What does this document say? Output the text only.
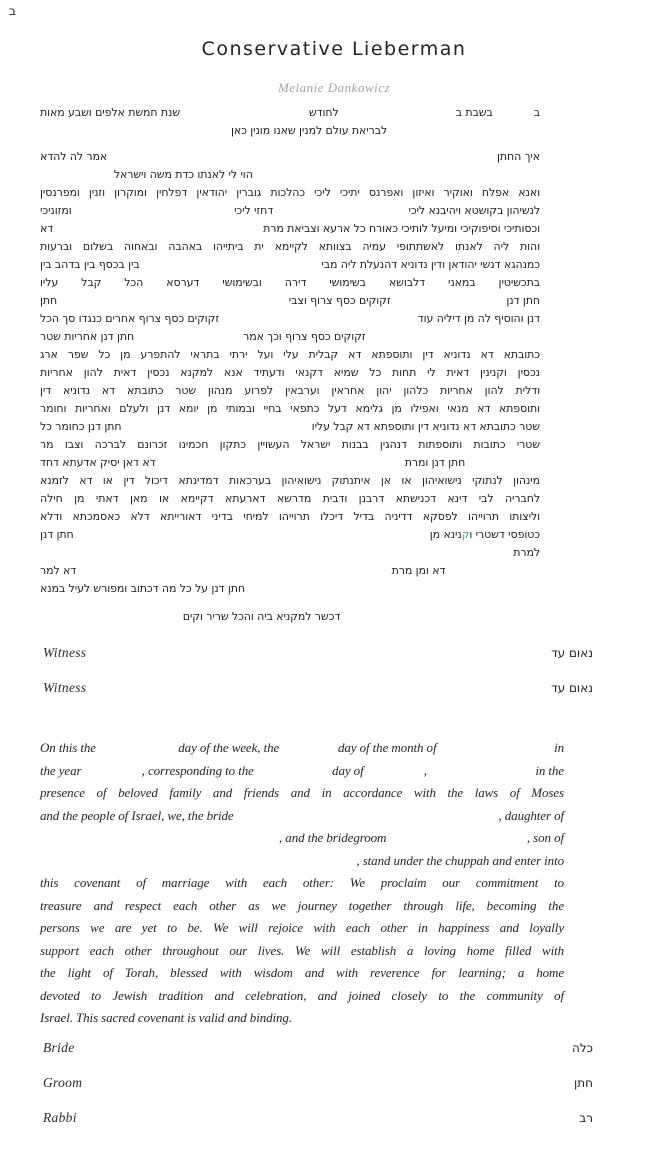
ב
Conservative Lieberman
Melanie Dankowicz
ב
בשבת ב
לחודש
שנת חמשת אלפים ושבע מאות
לבריאת עולם למנין שאנו מונין כאן
איך החתן
אמר לה להדא
הוי לי לאנתו כדת משה וישראל
ואנא אפלח ואוקיר ואיזון ואפרנס יתיכי ליכי כהלכות גוברין יהודאין דפלחין ומוקרון וזנין ומפרנסין
לנשיהון בקושטא ויהיבנא ליכי
דחזי ליכי
ומזוניכי
וכסותיכי וסיפוקיכי ומיעל לותיכי כאורח כל ארעא וצביאת מרת
דא
והות ליה לאנתו לאשתתופי עמיה בצוותא לקיימא ית ביתייהו באהבה ובאחוה בשלום וברעות
כמנהגא דנשי יהודאן ודין נדוניא דהנעלת ליה מבי
בין בכסף בין בדהב בין
בתכשיטין במאני דלבושא בשימושי דירה ובשימושי דערסא הכל קבל עליו
חתן דנן
זקוקים כסף צרוף וצבי
חתן
דנן והוסיף לה מן דיליה עוד
זקוקים כסף צרוף אחרים כנגדו סך הכל
זקוקים כסף צרוף וכך אמר
חתן דנן אחריות שטר
כתובתא דא נדוניא דין ותוספתא דא קבלית עלי ועל ירתי בתראי להתפרע מן כל שפר ארג
נכסין וקנינין דאית לי תחות כל שמיא דקנאי ודעתיד אנא למקנא נכסין דאית להון אחריות
ודלית להון אחריות כלהון יהון אחראין וערבאין לפרוע מנהון שטר כתובתא דא נדוניא דין
ותוספתא דא מנאי ואפילו מן גלימא דעל כתפאי בחיי ובמותי מן יומא דנן ולעלם ואחריות וחומר
שטר כתובתא דא נדוניא דין ותוספתא דא קבל עליו
חתן דנן כחומר כל
שטרי כתובות ותוספתות דנהגין בבנות ישראל העשויין כתקון חכמינו זכרונם לברכה וצבו מר
חתן דנן ומרת
דא דאן יסיק אדעתא דחד
מינהון לנתוקי נישואיהון או אן איתנתוק נישואיהון בערכאות דמדינתא דיכול דין או דא לזמנא
לחבריה לבי דינא דכנישתא דרבנן ודבית מדרשא דארעתא דקיימא או מאן דאתי מן חילה
וליצותו תרוייהו לפסקא דדיניה בדיל דיכלו תרוייהו למיחי בדיני דאורייתא דלא כאסמכתא ודלא
כטופסי דשטרי ו
ק
נינא מן
חתן דנן
למרת
דא ומן מרת
דא למר
חתן דנן על כל מה דכתוב ומפורש לעיל במנא
דכשר למקניא ביה והכל שריר וקים
Witness	נאום עד
Witness	נאום עד
On this the	day of the week, the	day of the month of	in
the year	, corresponding to the	day of	,	in the
presence of beloved family and friends and in accordance with the laws of Moses
and the people of Israel, we, the bride	, daughter of
, and the bridegroom	, son of
, stand under the chuppah and enter into
this covenant of marriage with each other: We proclaim our commitment to
treasure and respect each other as we journey together through life, becoming the
persons we are yet to be. We will rejoice with each other in happiness and loyally
support each other throughout our lives. We will establish a loving home filled with
the light of Torah, blessed with wisdom and with reverence for learning; a home
devoted to Jewish tradition and celebration, and joined closely to the community of
Israel. This sacred covenant is valid and binding.
Bride	כלה
Groom	חתן
Rabbi	רב
